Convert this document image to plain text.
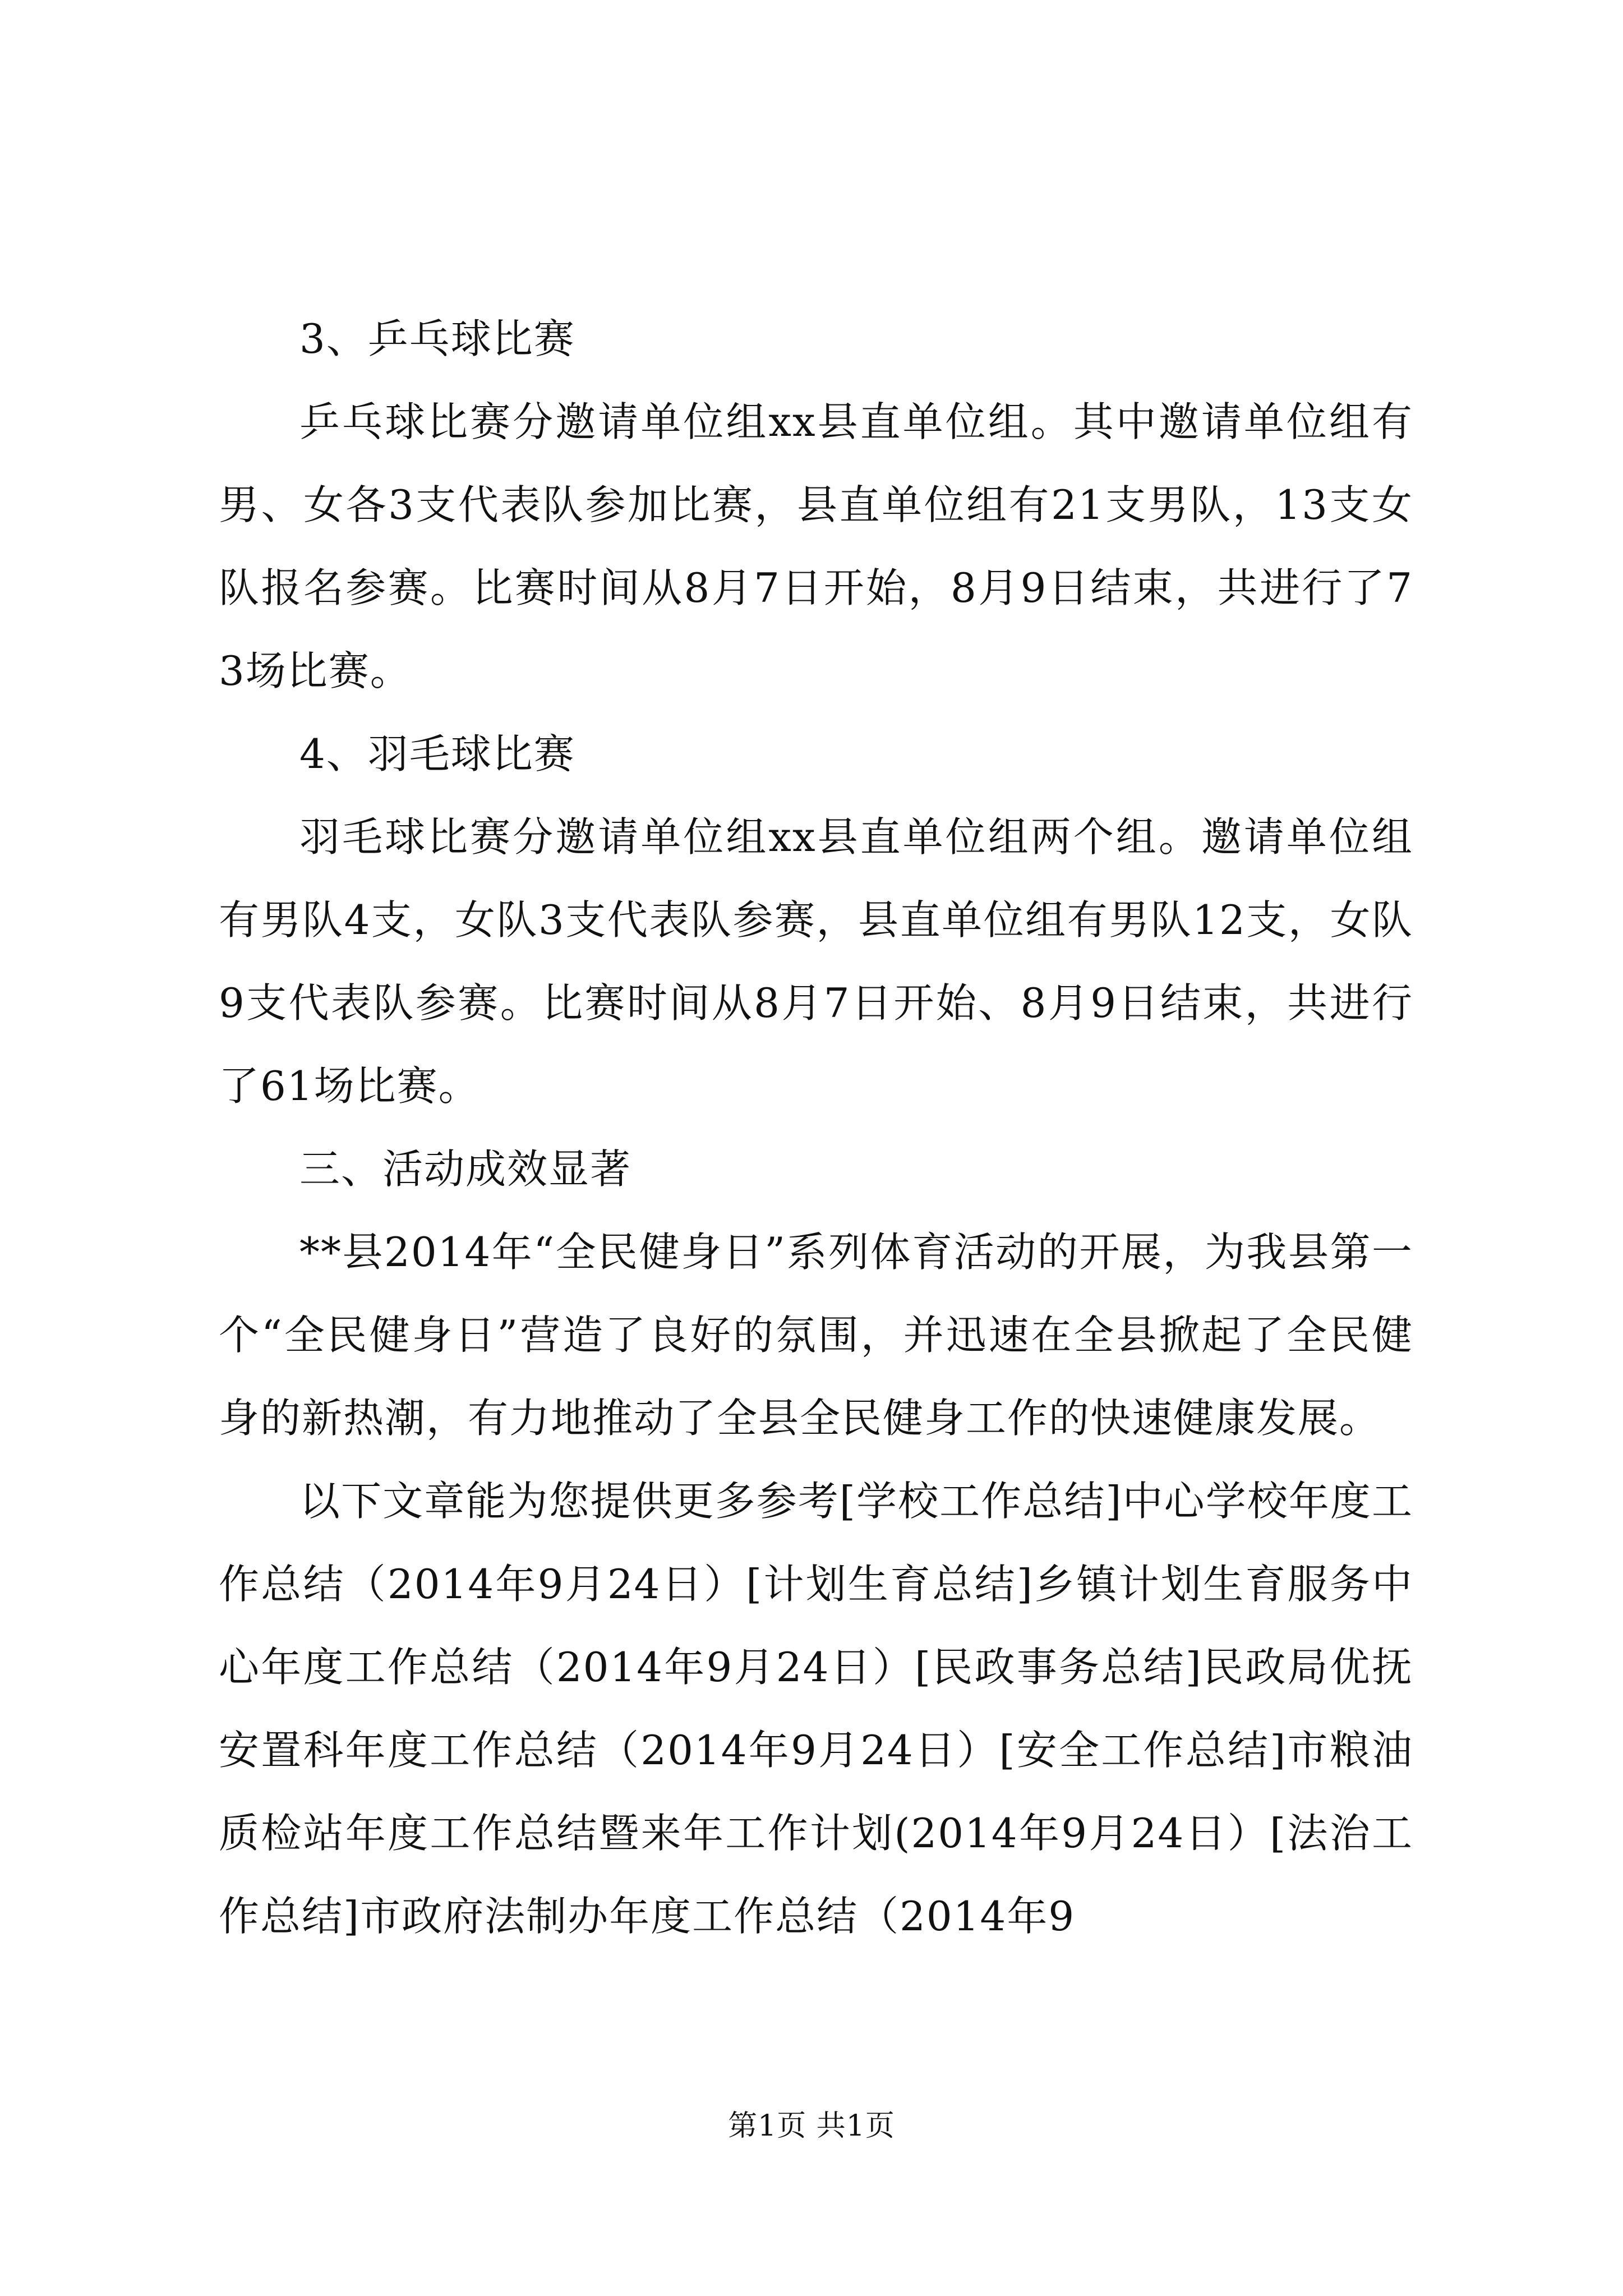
3、乒乓球比赛

乒乓球比赛分邀请单位组xx县直单位组。其中邀请单位组有男、女各3支代表队参加比赛，县直单位组有21支男队，13支女队报名参赛。比赛时间从8月7日开始，8月9日结束，共进行了73场比赛。

4、羽毛球比赛

羽毛球比赛分邀请单位组xx县直单位组两个组。邀请单位组有男队4支，女队3支代表队参赛，县直单位组有男队12支，女队9支代表队参赛。比赛时间从8月7日开始、8月9日结束，共进行了61场比赛。

三、活动成效显著

**县2014年“全民健身日”系列体育活动的开展，为我县第一个“全民健身日”营造了良好的氛围，并迅速在全县掀起了全民健身的新热潮，有力地推动了全县全民健身工作的快速健康发展。

以下文章能为您提供更多参考[学校工作总结]中心学校年度工作总结（2014年9月24日）[计划生育总结]乡镇计划生育服务中心年度工作总结（2014年9月24日）[民政事务总结]民政局优抚安置科年度工作总结（2014年9月24日）[安全工作总结]市粮油质检站年度工作总结暨来年工作计划(2014年9月24日）[法治工作总结]市政府法制办年度工作总结（2014年9

第1页 共1页
